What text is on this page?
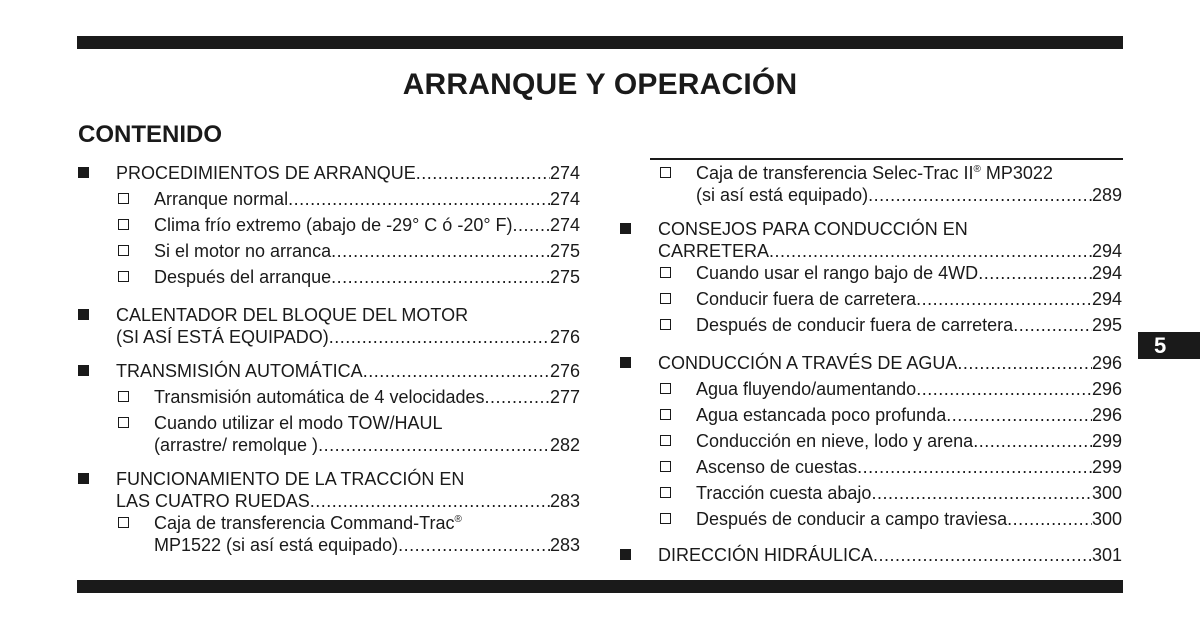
ARRANQUE Y OPERACIÓN
CONTENIDO
PROCEDIMIENTOS DE ARRANQUE .....	274
Arranque normal .....	274
Clima frío extremo (abajo de -29° C ó -20° F) ..... 274
Si el motor no arranca .....	275
Después del arranque .....	275
CALENTADOR DEL BLOQUE DEL MOTOR
(SI ASÍ ESTÁ EQUIPADO) .....	276
TRANSMISIÓN AUTOMÁTICA .....	276
Transmisión automática de 4 velocidades .....	277
Cuando utilizar el modo TOW/HAUL
(arrastre/ remolque ) .....	282
FUNCIONAMIENTO DE LA TRACCIÓN EN
LAS CUATRO RUEDAS .....	283
Caja de transferencia Command-Trac®
MP1522 (si así está equipado) .....	283
Caja de transferencia Selec-Trac II® MP3022
(si así está equipado) .....	289
CONSEJOS PARA CONDUCCIÓN EN
CARRETERA .....	294
Cuando usar el rango bajo de 4WD .....	294
Conducir fuera de carretera .....	294
Después de conducir fuera de carretera .....	295
CONDUCCIÓN A TRAVÉS DE AGUA .....	296
Agua fluyendo/aumentando .....	296
Agua estancada poco profunda .....	296
Conducción en nieve, lodo y arena .....	299
Ascenso de cuestas .....	299
Tracción cuesta abajo .....	300
Después de conducir a campo traviesa .....	300
DIRECCIÓN HIDRÁULICA .....	301
5
